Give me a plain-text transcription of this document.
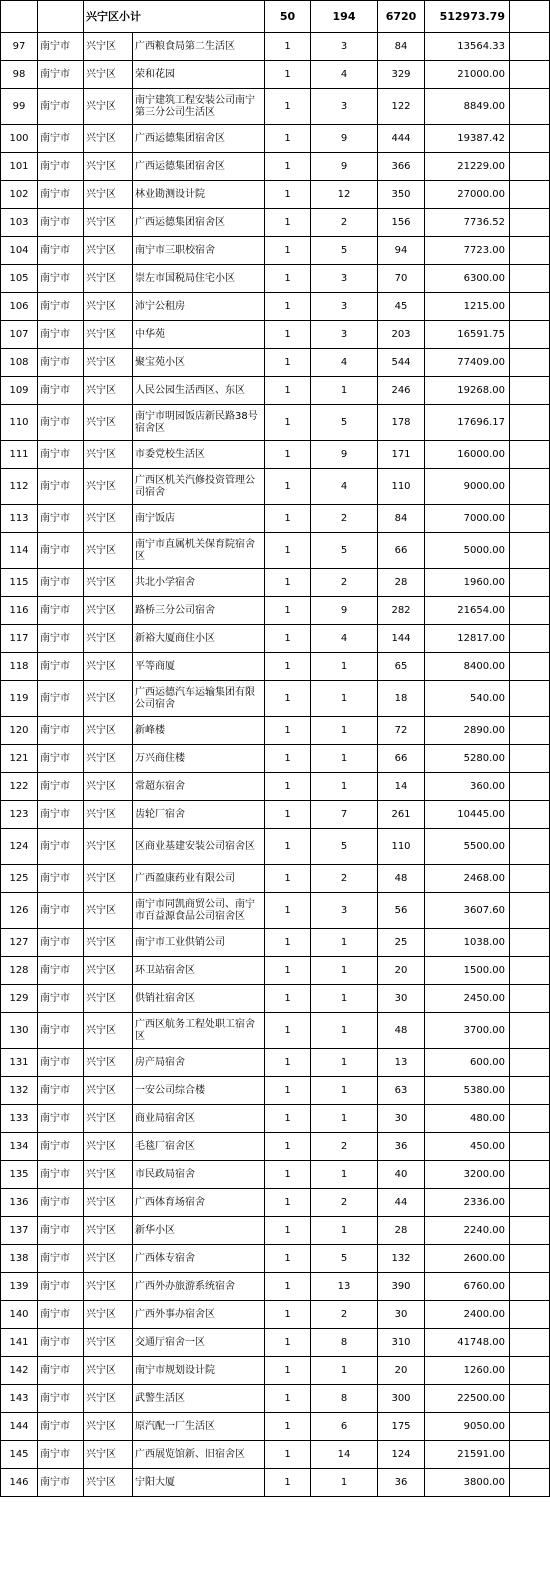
		兴宁区小计		50	194	6720	512973.79	
97	南宁市	兴宁区	广西粮食局第二生活区	1	3	84	13564.33	
98	南宁市	兴宁区	荣和花园	1	4	329	21000.00	
99	南宁市	兴宁区	南宁建筑工程安装公司南宁第三分公司生活区	1	3	122	8849.00	
100	南宁市	兴宁区	广西运德集团宿舍区	1	9	444	19387.42	
101	南宁市	兴宁区	广西运德集团宿舍区	1	9	366	21229.00	
102	南宁市	兴宁区	林业勘测设计院	1	12	350	27000.00	
103	南宁市	兴宁区	广西运德集团宿舍区	1	2	156	7736.52	
104	南宁市	兴宁区	南宁市三职校宿舍	1	5	94	7723.00	
105	南宁市	兴宁区	崇左市国税局住宅小区	1	3	70	6300.00	
106	南宁市	兴宁区	沛宁公租房	1	3	45	1215.00	
107	南宁市	兴宁区	中华苑	1	3	203	16591.75	
108	南宁市	兴宁区	聚宝苑小区	1	4	544	77409.00	
109	南宁市	兴宁区	人民公园生活西区、东区	1	1	246	19268.00	
110	南宁市	兴宁区	南宁市明园饭店新民路38号宿舍区	1	5	178	17696.17	
111	南宁市	兴宁区	市委党校生活区	1	9	171	16000.00	
112	南宁市	兴宁区	广西区机关汽修投资管理公司宿舍	1	4	110	9000.00	
113	南宁市	兴宁区	南宁饭店	1	2	84	7000.00	
114	南宁市	兴宁区	南宁市直属机关保育院宿舍区	1	5	66	5000.00	
115	南宁市	兴宁区	共北小学宿舍	1	2	28	1960.00	
116	南宁市	兴宁区	路桥三分公司宿舍	1	9	282	21654.00	
117	南宁市	兴宁区	新裕大厦商住小区	1	4	144	12817.00	
118	南宁市	兴宁区	平等商厦	1	1	65	8400.00	
119	南宁市	兴宁区	广西运德汽车运输集团有限公司宿舍	1	1	18	540.00	
120	南宁市	兴宁区	新峰楼	1	1	72	2890.00	
121	南宁市	兴宁区	万兴商住楼	1	1	66	5280.00	
122	南宁市	兴宁区	常超东宿舍	1	1	14	360.00	
123	南宁市	兴宁区	齿轮厂宿舍	1	7	261	10445.00	
124	南宁市	兴宁区	区商业基建安装公司宿舍区	1	5	110	5500.00	
125	南宁市	兴宁区	广西盈康药业有限公司	1	2	48	2468.00	
126	南宁市	兴宁区	南宁市同凯商贸公司、南宁市百益源食品公司宿舍区	1	3	56	3607.60	
127	南宁市	兴宁区	南宁市工业供销公司	1	1	25	1038.00	
128	南宁市	兴宁区	环卫站宿舍区	1	1	20	1500.00	
129	南宁市	兴宁区	供销社宿舍区	1	1	30	2450.00	
130	南宁市	兴宁区	广西区航务工程处职工宿舍区	1	1	48	3700.00	
131	南宁市	兴宁区	房产局宿舍	1	1	13	600.00	
132	南宁市	兴宁区	一安公司综合楼	1	1	63	5380.00	
133	南宁市	兴宁区	商业局宿舍区	1	1	30	480.00	
134	南宁市	兴宁区	毛毯厂宿舍区	1	2	36	450.00	
135	南宁市	兴宁区	市民政局宿舍	1	1	40	3200.00	
136	南宁市	兴宁区	广西体育场宿舍	1	2	44	2336.00	
137	南宁市	兴宁区	新华小区	1	1	28	2240.00	
138	南宁市	兴宁区	广西体专宿舍	1	5	132	2600.00	
139	南宁市	兴宁区	广西外办旅游系统宿舍	1	13	390	6760.00	
140	南宁市	兴宁区	广西外事办宿舍区	1	2	30	2400.00	
141	南宁市	兴宁区	交通厅宿舍一区	1	8	310	41748.00	
142	南宁市	兴宁区	南宁市规划设计院	1	1	20	1260.00	
143	南宁市	兴宁区	武警生活区	1	8	300	22500.00	
144	南宁市	兴宁区	原汽配一厂生活区	1	6	175	9050.00	
145	南宁市	兴宁区	广西展览馆新、旧宿舍区	1	14	124	21591.00	
146	南宁市	兴宁区	宁阳大厦	1	1	36	3800.00	
